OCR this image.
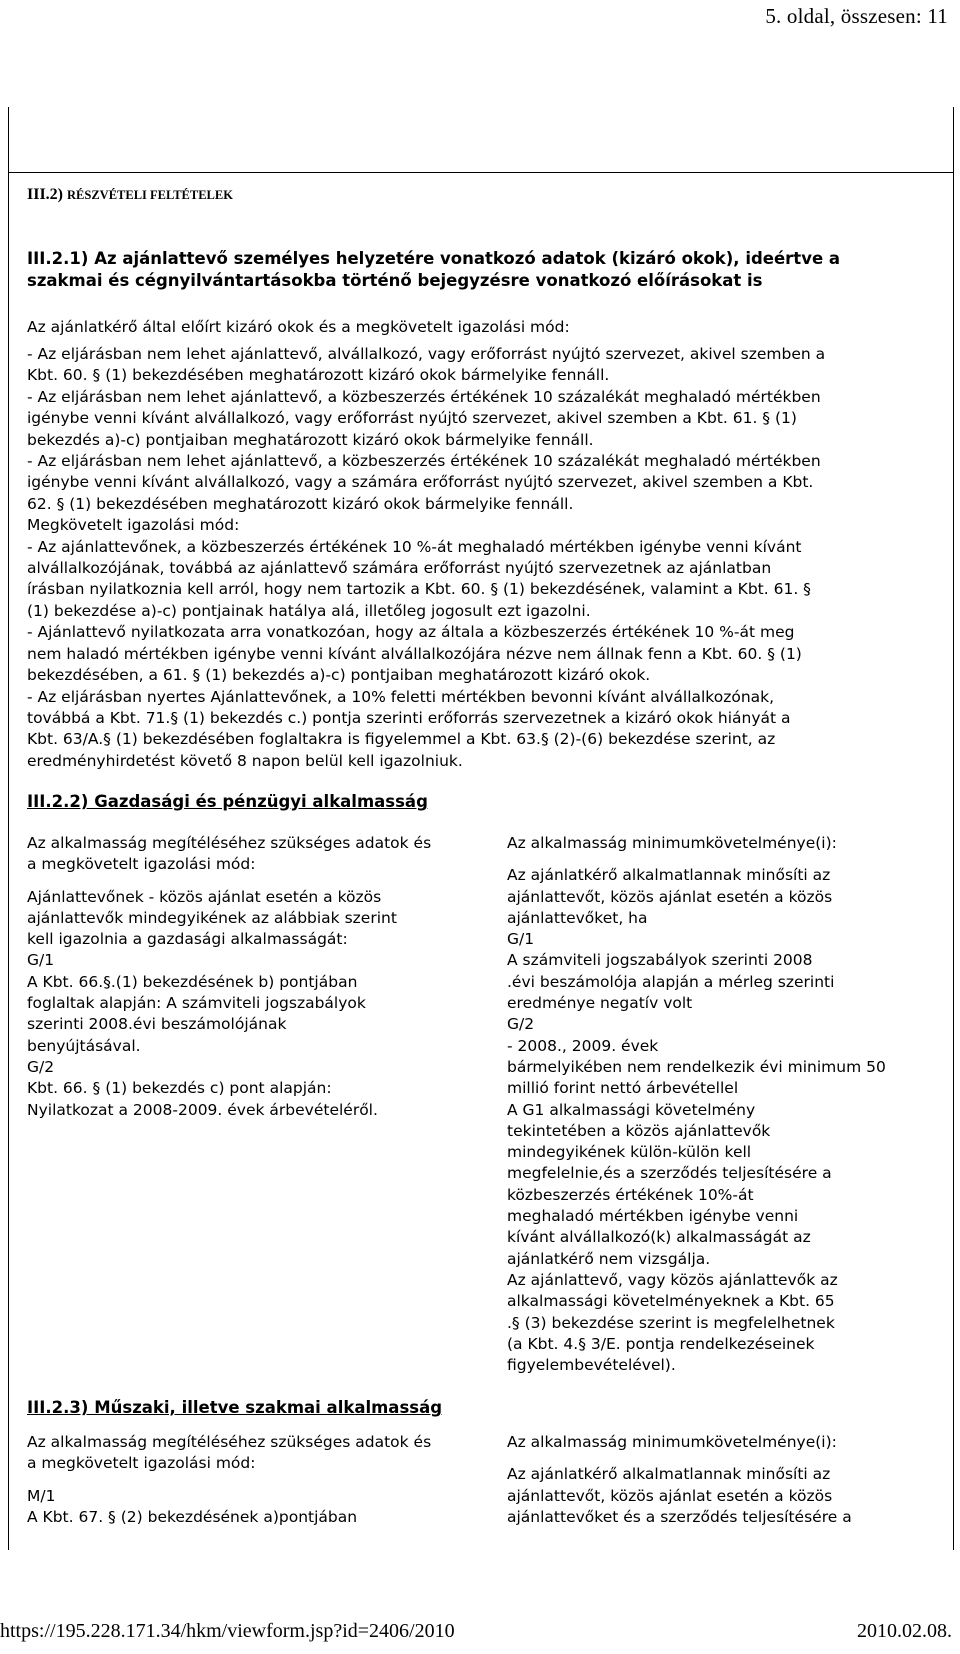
5. oldal, összesen: 11
III.2) RÉSZVÉTELI FELTÉTELEK
III.2.1) Az ajánlattevő személyes helyzetére vonatkozó adatok (kizáró okok), ideértve a
szakmai és cégnyilvántartásokba történő bejegyzésre vonatkozó előírásokat is
Az ajánlatkérő által előírt kizáró okok és a megkövetelt igazolási mód:
- Az eljárásban nem lehet ajánlattevő, alvállalkozó, vagy erőforrást nyújtó szervezet, akivel szemben a
Kbt. 60. § (1) bekezdésében meghatározott kizáró okok bármelyike fennáll.
- Az eljárásban nem lehet ajánlattevő, a közbeszerzés értékének 10 százalékát meghaladó mértékben
igénybe venni kívánt alvállalkozó, vagy erőforrást nyújtó szervezet, akivel szemben a Kbt. 61. § (1)
bekezdés a)-c) pontjaiban meghatározott kizáró okok bármelyike fennáll.
- Az eljárásban nem lehet ajánlattevő, a közbeszerzés értékének 10 százalékát meghaladó mértékben
igénybe venni kívánt alvállalkozó, vagy a számára erőforrást nyújtó szervezet, akivel szemben a Kbt.
62. § (1) bekezdésében meghatározott kizáró okok bármelyike fennáll.
Megkövetelt igazolási mód:
- Az ajánlattevőnek, a közbeszerzés értékének 10 %-át meghaladó mértékben igénybe venni kívánt
alvállalkozójának, továbbá az ajánlattevő számára erőforrást nyújtó szervezetnek az ajánlatban
írásban nyilatkoznia kell arról, hogy nem tartozik a Kbt. 60. § (1) bekezdésének, valamint a Kbt. 61. §
(1) bekezdése a)-c) pontjainak hatálya alá, illetőleg jogosult ezt igazolni.
- Ajánlattevő nyilatkozata arra vonatkozóan, hogy az általa a közbeszerzés értékének 10 %-át meg
nem haladó mértékben igénybe venni kívánt alvállalkozójára nézve nem állnak fenn a Kbt. 60. § (1)
bekezdésében, a 61. § (1) bekezdés a)-c) pontjaiban meghatározott kizáró okok.
- Az eljárásban nyertes Ajánlattevőnek, a 10% feletti mértékben bevonni kívánt alvállalkozónak,
továbbá a Kbt. 71.§ (1) bekezdés c.) pontja szerinti erőforrás szervezetnek a kizáró okok hiányát a
Kbt. 63/A.§ (1) bekezdésében foglaltakra is figyelemmel a Kbt. 63.§ (2)-(6) bekezdése szerint, az
eredményhirdetést követő 8 napon belül kell igazolniuk.
III.2.2) Gazdasági és pénzügyi alkalmasság
Az alkalmasság megítéléséhez szükséges adatok és
a megkövetelt igazolási mód:
Ajánlattevőnek - közös ajánlat esetén a közös
ajánlattevők mindegyikének az alábbiak szerint
kell igazolnia a gazdasági alkalmasságát:
G/1
A Kbt. 66.§.(1) bekezdésének b) pontjában
foglaltak alapján: A számviteli jogszabályok
szerinti 2008.évi beszámolójának
benyújtásával.
G/2
Kbt. 66. § (1) bekezdés c) pont alapján:
Nyilatkozat a 2008-2009. évek árbevételéről.
Az alkalmasság minimumkövetelménye(i):
Az ajánlatkérő alkalmatlannak minősíti az
ajánlattevőt, közös ajánlat esetén a közös
ajánlattevőket, ha
G/1
A számviteli jogszabályok szerinti 2008
.évi beszámolója alapján a mérleg szerinti
eredménye negatív volt
G/2
- 2008., 2009. évek
bármelyikében nem rendelkezik évi minimum 50
millió forint nettó árbevétellel
A G1 alkalmassági követelmény
tekintetében a közös ajánlattevők
mindegyikének külön-külön kell
megfelelnie,és a szerződés teljesítésére a
közbeszerzés értékének 10%-át
meghaladó mértékben igénybe venni
kívánt alvállalkozó(k) alkalmasságát az
ajánlatkérő nem vizsgálja.
Az ajánlattevő, vagy közös ajánlattevők az
alkalmassági követelményeknek a Kbt. 65
.§ (3) bekezdése szerint is megfelelhetnek
(a Kbt. 4.§ 3/E. pontja rendelkezéseinek
figyelembevételével).
III.2.3) Műszaki, illetve szakmai alkalmasság
Az alkalmasság megítéléséhez szükséges adatok és
a megkövetelt igazolási mód:
M/1
A Kbt. 67. § (2) bekezdésének a)pontjában
Az alkalmasság minimumkövetelménye(i):
Az ajánlatkérő alkalmatlannak minősíti az
ajánlattevőt, közös ajánlat esetén a közös
ajánlattevőket és a szerződés teljesítésére a
https://195.228.171.34/hkm/viewform.jsp?id=2406/2010	2010.02.08.
